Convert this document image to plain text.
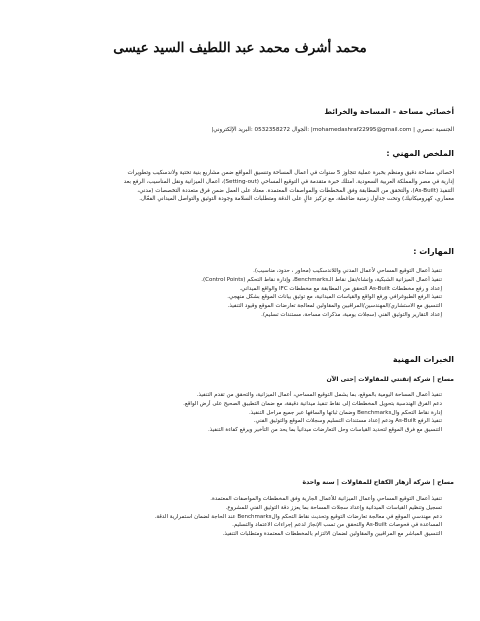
محمد أشرف محمد عبد اللطيف السيد عيسى
أخصائي مساحة - المساحة والخرائط
الجنسية :مصري | mohamedashraf22995@gmail.com| :الجوال 0532358272 :البريد الإلكتروني|
الملخص المهني :
أخصائي مساحة دقيق ومنظم بخبرة عملية تتجاوز 5 سنوات في أعمال المساحة وتنسيق المواقع ضمن مشاريع بنية تحتية ولاندسكيب وتطويرات
إدارية في مصر والمملكة العربية السعودية. أمتلك خبرة متقدمة في التوقيع المساحي (Setting-out)، أعمال الميزانية ونقل المناسيب، الرفع بعد
التنفيذ (As-Built)، والتحقق من المطابقة وفق المخططات والمواصفات المعتمدة. معتاد على العمل ضمن فرق متعددة التخصصات (مدني،
معماري، كهروميكانيك) وتحت جداول زمنية ضاغطة، مع تركيز عالٍ على الدقة ومتطلبات السلامة وجودة التوثيق والتواصل الميداني الفعّال.
المهارات :
تنفيذ أعمال التوقيع المساحي لأعمال المدني واللاندسكيب (محاور ، حدود، مناسيب).
تنفيذ أعمال الميزانية الشبكية، وإنشاء/نقل نقاط الـBenchmarks، وإدارة نقاط التحكم (Control Points).
إعداد و رفع مخططات As-Built التحقق من المطابقة مع مخططات IFC والواقع الميداني.
تنفيذ الرفع الطبوغرافي ورفع الواقع والقياسات الميدانية، مع توثيق بيانات الموقع بشكل منهجي.
التنسيق مع الاستشاري/المهندسين/المراقبين والمقاولين لمعالجة تعارضات الموقع وقيود التنفيذ.
إعداد التقارير والتوثيق الفني (سجلات يومية، مذكرات مساحة، مستندات تسليم).
الخبرات المهنية
مساح | شركة إتقنتي للمقاولات |حتى الآن
تنفيذ أعمال المساحة اليومية بالموقع، بما يشمل التوقيع المساحي، أعمال الميزانية، والتحقق من تقدم التنفيذ.
دعم الفرق الهندسية بتحويل المخططات إلى نقاط تنفيذ ميدانية دقيقة، مع ضمان التطبيق الصحيح على أرض الواقع.
إدارة نقاط التحكم والBenchmarks وضمان ثباتها والسافها عبر جميع مراحل التنفيذ.
تنفيذ الرفع As-Built ودعم إعداد مستندات التسليم وسجلات الموقع والتوثيق الفني.
التنسيق مع فرق الموقع لتحديد القياسات وحل التعارضات ميدانياً بما يحد من التأخير ويرفع كفاءة التنفيذ.
مساح | شركة أزهار الكفاح للمقاولات | سنة واحدة
تنفيذ أعمال التوقيع المساحي وأعمال الميزانية للأعمال الجارية وفق المخططات والمواصفات المعتمدة.
تسجيل وتنظيم القياسات الميدانية وإعداد سجلات المساحة بما يعزز دقة التوثيق الفني للمشروع.
دعم مهندسي الموقع في معالجة تعارضات التوقيع وتحديث نقاط التحكم والBenchmarks عند الحاجة لضمان استمرارية الدقة.
المساعدة في فحوصات As-Built والتحقق من تسب الإنجاز لدعم إجراءات الاعتماد والتسليم.
التنسيق المباشر مع المراقبين والمقاولين لضمان الالتزام بالمخططات المعتمدة ومتطلبات التنفيذ.
